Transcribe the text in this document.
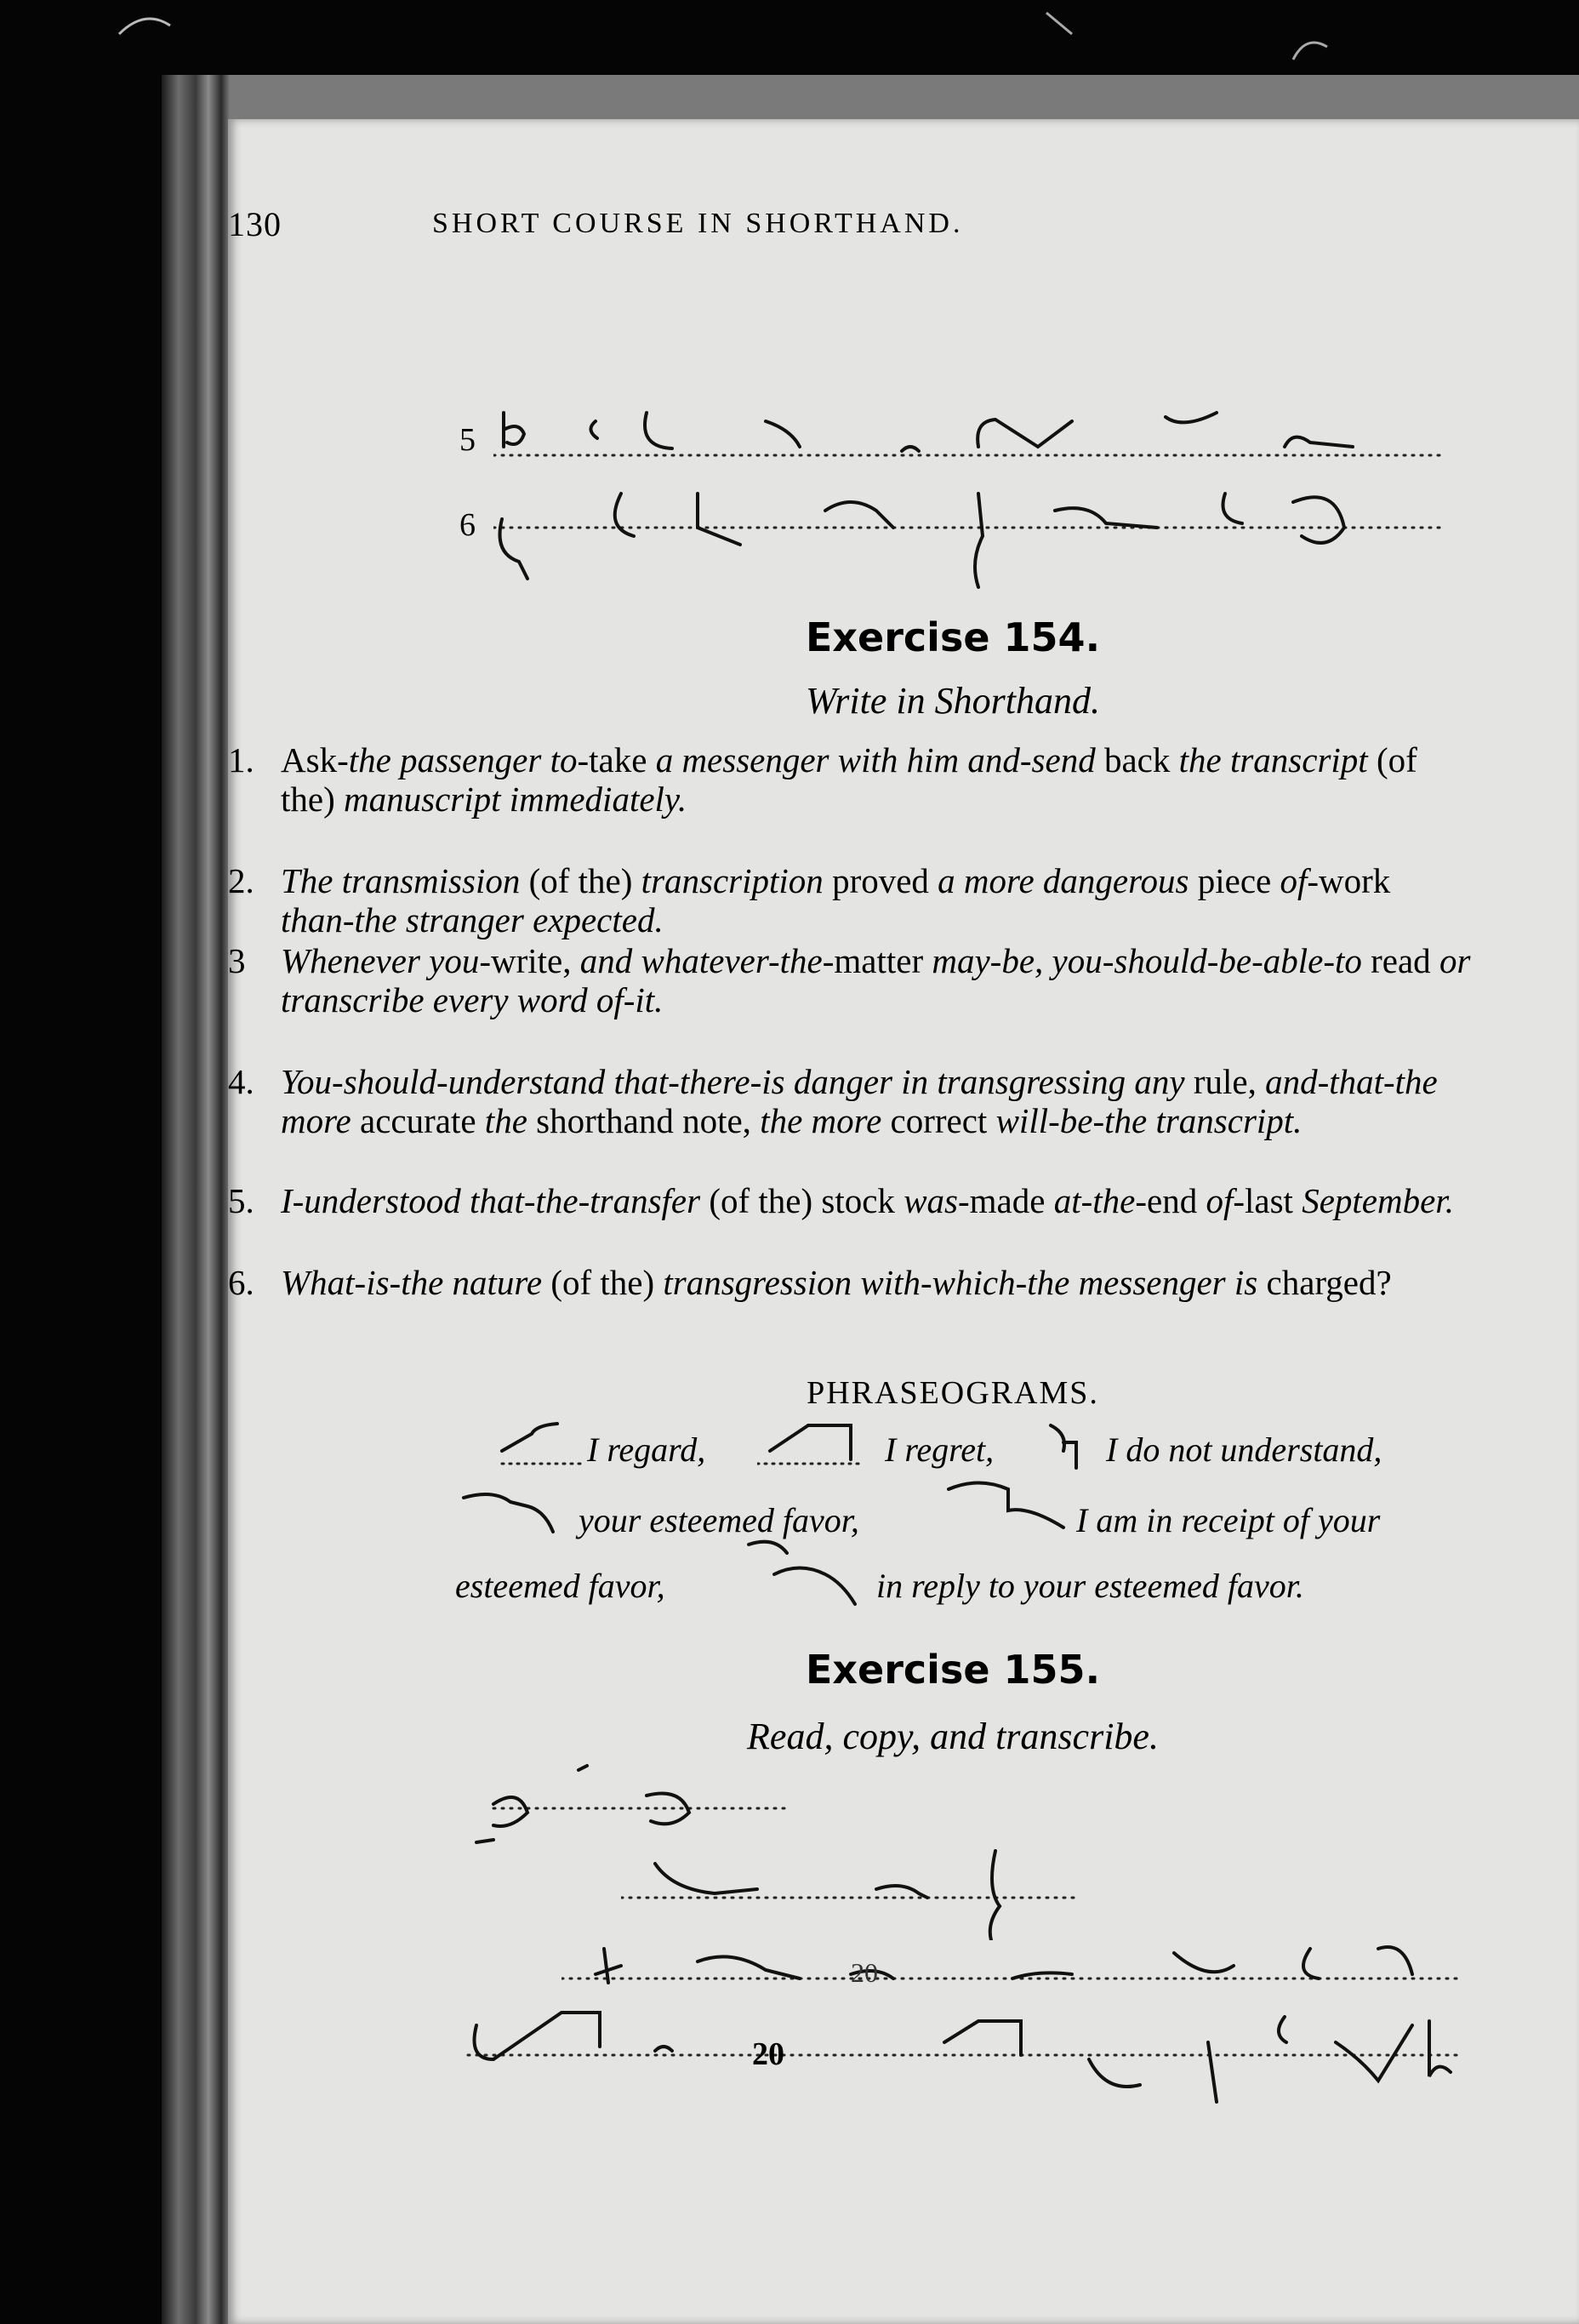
130	SHORT COURSE IN SHORTHAND.
5
6
Exercise 154.
Write in Shorthand.
1. Ask-the passenger to-take a messenger with him and-send back the transcript (of the) manuscript immediately.
2. The transmission (of the) transcription proved a more dangerous piece of-work than-the stranger expected.
3 Whenever you-write, and whatever-the-matter may-be, you-should-be-able-to read or transcribe every word of-it.
4. You-should-understand that-there-is danger in transgressing any rule, and-that-the more accurate the shorthand note, the more correct will-be-the transcript.
5. I-understood that-the-transfer (of the) stock was-made at-the-end of-last September.
6. What-is-the nature (of the) transgression with-which-the messenger is charged?
PHRASEOGRAMS.
I regard,	I regret,	I do not understand,
your esteemed favor,	I am in receipt of your
esteemed favor,	in reply to your esteemed favor.
Exercise 155.
Read, copy, and transcribe.
20
20
